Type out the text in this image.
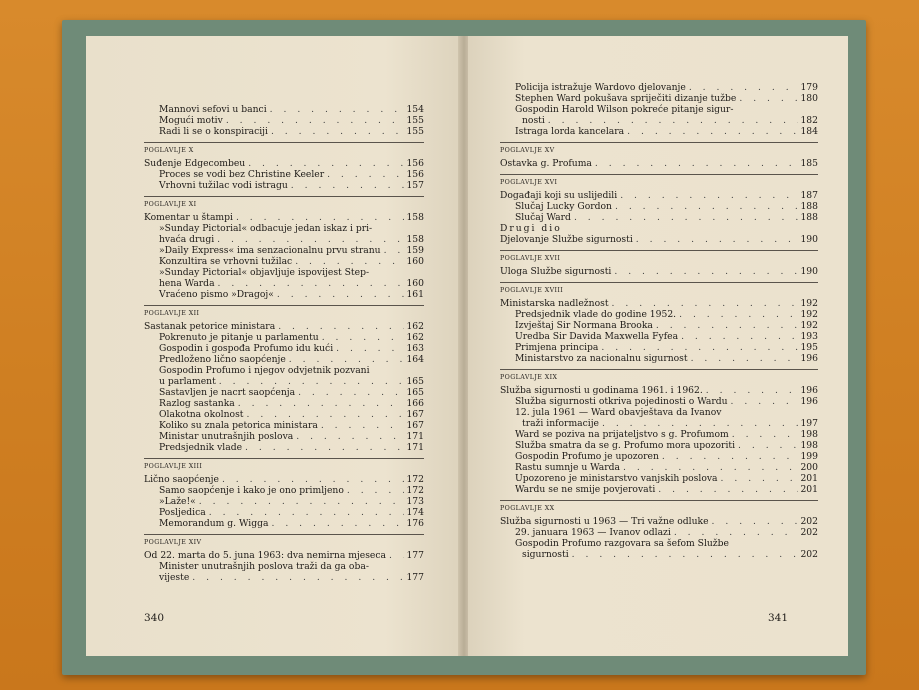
Mannovi sefovi u banci . . .	154
Mogući motiv . . .	155
Radi li se o konspiraciji . . .	155
POGLAVLJE X
Suđenje Edgecombeu . . .	156
Proces se vodi bez Christine Keeler . . .	156
Vrhovni tužilac vodi istragu . . .	157
POGLAVLJE XI
Komentar u štampi . . .	158
»Sunday Pictorial« odbacuje jedan iskaz i pri-
hvaća drugi . . .	158
»Daily Express« ima senzacionalnu prvu stranu . . .	159
Konzultira se vrhovni tužilac . . .	160
»Sunday Pictorial« objavljuje ispovijest Step-
hena Warda . . .	160
Vraćeno pismo »Dragoj« . . .	161
POGLAVLJE XII
Sastanak petorice ministara . . .	162
Pokrenuto je pitanje u parlamentu . . .	162
Gospodin i gospođa Profumo idu kući . . .	163
Predloženo lično saopćenje . . .	164
Gospodin Profumo i njegov odvjetnik pozvani
u parlament . . .	165
Sastavljen je nacrt saopćenja . . .	165
Razlog sastanka . . .	166
Olakotna okolnost . . .	167
Koliko su znala petorica ministara . . .	167
Ministar unutrašnjih poslova . . .	171
Predsjednik vlade . . .	171
POGLAVLJE XIII
Lično saopćenje . . .	172
Samo saopćenje i kako je ono primljeno . . .	172
»Laže!« . . .	173
Posljedica . . .	174
Memorandum g. Wigga . . .	176
POGLAVLJE XIV
Od 22. marta do 5. juna 1963: dva nemirna mjeseca . . . 177
Minister unutrašnjih poslova traži da ga oba-
vijeste . . .	177
340
Policija istražuje Wardovo djelovanje . . .	179
Stephen Ward pokušava spriječiti dizanje tužbe . . .	180
Gospodin Harold Wilson pokreće pitanje sigur-
nosti . . .	182
Istraga lorda kancelara . . .	184
POGLAVLJE XV
Ostavka g. Profuma . . .	185
POGLAVLJE XVI
Događaji koji su uslijedili . . .	187
Slučaj Lucky Gordon . . .	188
Slučaj Ward . . .	188
Drugi dio
Djelovanje Službe sigurnosti . . .	190
POGLAVLJE XVII
Uloga Službe sigurnosti . . .	190
POGLAVLJE XVIII
Ministarska nadležnost . . .	192
Predsjednik vlade do godine 1952. . . .	192
Izvještaj Sir Normana Brooka . . .	192
Uredba Sir Davida Maxwella Fyfea . . .	193
Primjena principa . . .	195
Ministarstvo za nacionalnu sigurnost . . .	196
POGLAVLJE XIX
Služba sigurnosti u godinama 1961. i 1962. . . .	196
Služba sigurnosti otkriva pojedinosti o Wardu . . .	196
12. jula 1961 — Ward obavještava da Ivanov
traži informacije . . .	197
Ward se poziva na prijateljstvo s g. Profumom . . .	198
Služba smatra da se g. Profumo mora upozoriti . . .	198
Gospodin Profumo je upozoren . . .	199
Rastu sumnje u Warda . . .	200
Upozoreno je ministarstvo vanjskih poslova . . .	201
Wardu se ne smije povjerovati . . .	201
POGLAVLJE XX
Služba sigurnosti u 1963 — Tri važne odluke . . .	202
29. januara 1963 — Ivanov odlazi . . .	202
Gospodin Profumo razgovara sa šefom Službe
sigurnosti . . .	202
341
